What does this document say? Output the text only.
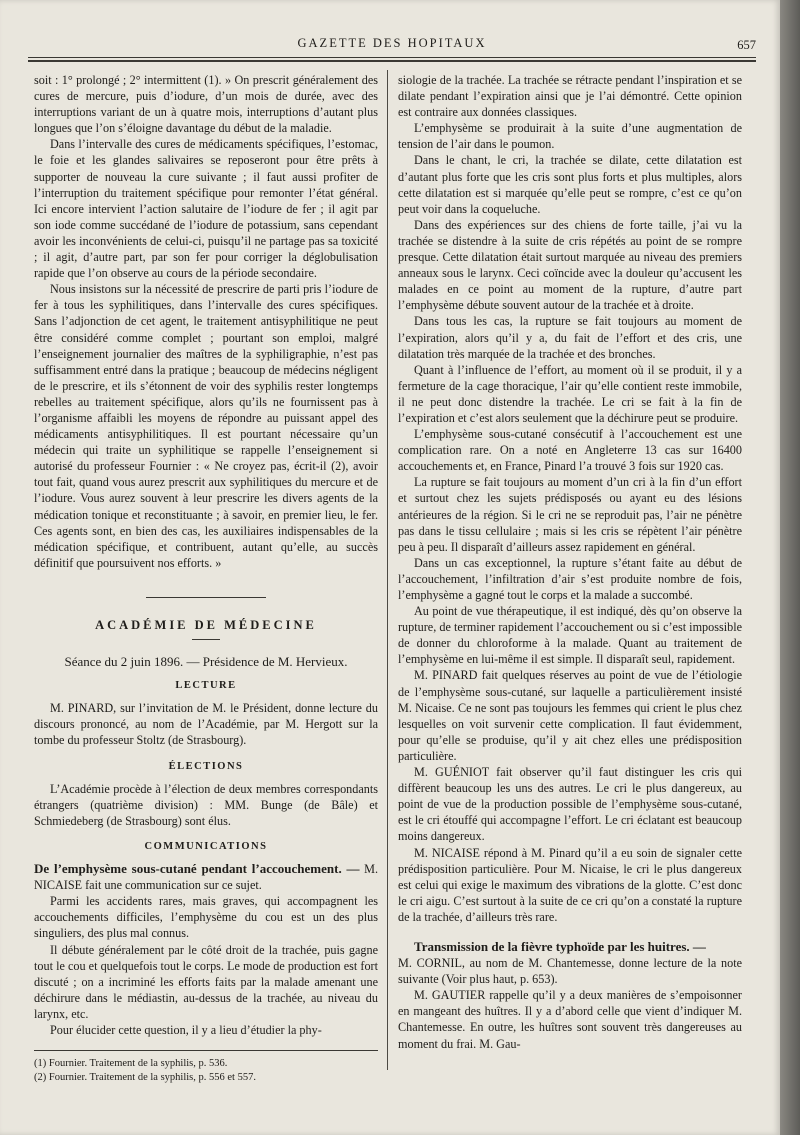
GAZETTE DES HOPITAUX	657

soit : 1° prolongé ; 2° intermittent (1). » On prescrit généralement des cures de mercure, puis d’iodure, d’un mois de durée, avec des interruptions variant de un à quatre mois, interruptions d’autant plus longues que l’on s’éloigne davantage du début de la maladie.

Dans l’intervalle des cures de médicaments spécifiques, l’estomac, le foie et les glandes salivaires se reposeront pour être prêts à supporter de nouveau la cure suivante ; il faut aussi profiter de l’interruption du traitement spécifique pour remonter l’état général. Ici encore intervient l’action salutaire de l’iodure de fer ; il agit par son iode comme succédané de l’iodure de potassium, sans cependant avoir les inconvénients de celui-ci, puisqu’il ne partage pas sa toxicité ; il agit, d’autre part, par son fer pour corriger la déglobulisation rapide que l’on observe au cours de la période secondaire.

Nous insistons sur la nécessité de prescrire de parti pris l’iodure de fer à tous les syphilitiques, dans l’intervalle des cures spécifiques. Sans l’adjonction de cet agent, le traitement antisyphilitique ne peut être considéré comme complet ; pourtant son emploi, malgré l’enseignement journalier des maîtres de la syphiligraphie, n’est pas suffisamment entré dans la pratique ; beaucoup de médecins négligent de le prescrire, et ils s’étonnent de voir des syphilis rester longtemps rebelles au traitement spécifique, alors qu’ils ne fournissent pas à l’organisme affaibli les moyens de répondre au puissant appel des médicaments antisyphilitiques. Il est pourtant nécessaire qu’un médecin qui traite un syphilitique se rappelle l’enseignement si autorisé du professeur Fournier : « Ne croyez pas, écrit-il (2), avoir tout fait, quand vous aurez prescrit aux syphilitiques du mercure et de l’iodure. Vous aurez souvent à leur prescrire les divers agents de la médication tonique et reconstituante ; à savoir, en premier lieu, le fer. Ces agents sont, en bien des cas, les auxiliaires indispensables de la médication spécifique, et contribuent, autant qu’elle, au succès définitif que poursuivent nos efforts. »

ACADÉMIE DE MÉDECINE
Séance du 2 juin 1896. — Présidence de M. Hervieux.
LECTURE

M. PINARD, sur l’invitation de M. le Président, donne lecture du discours prononcé, au nom de l’Académie, par M. Hergott sur la tombe du professeur Stoltz (de Strasbourg).

ÉLECTIONS

L’Académie procède à l’élection de deux membres correspondants étrangers (quatrième division) : MM. Bunge (de Bâle) et Schmiedeberg (de Strasbourg) sont élus.

COMMUNICATIONS

De l’emphysème sous-cutané pendant l’accouchement. — M. NICAISE fait une communication sur ce sujet.

Parmi les accidents rares, mais graves, qui accompagnent les accouchements difficiles, l’emphysème du cou est un des plus singuliers, des plus mal connus.

Il débute généralement par le côté droit de la trachée, puis gagne tout le cou et quelquefois tout le corps. Le mode de production est fort discuté ; on a incriminé les efforts faits par la malade amenant une déchirure dans le médiastin, au-dessus de la trachée, au niveau du larynx, etc.

Pour élucider cette question, il y a lieu d’étudier la phy-

(1) Fournier. Traitement de la syphilis, p. 536.

(2) Fournier. Traitement de la syphilis, p. 556 et 557.

siologie de la trachée. La trachée se rétracte pendant l’inspiration et se dilate pendant l’expiration ainsi que je l’ai démontré. Cette opinion est contraire aux données classiques.

L’emphysème se produirait à la suite d’une augmentation de tension de l’air dans le poumon.

Dans le chant, le cri, la trachée se dilate, cette dilatation est d’autant plus forte que les cris sont plus forts et plus multiples, alors cette dilatation est si marquée qu’elle peut se rompre, c’est ce qu’on peut voir dans la coqueluche.

Dans des expériences sur des chiens de forte taille, j’ai vu la trachée se distendre à la suite de cris répétés au point de se rompre presque. Cette dilatation était surtout marquée au niveau des premiers anneaux sous le larynx. Ceci coïncide avec la douleur qu’accusent les malades en ce point au moment de la rupture, d’autre part l’emphysème débute souvent autour de la trachée et à droite.

Dans tous les cas, la rupture se fait toujours au moment de l’expiration, alors qu’il y a, du fait de l’effort et des cris, une dilatation très marquée de la trachée et des bronches.

Quant à l’influence de l’effort, au moment où il se produit, il y a fermeture de la cage thoracique, l’air qu’elle contient reste immobile, il ne peut donc distendre la trachée. Le cri se fait à la fin de l’expiration et c’est alors seulement que la déchirure peut se produire.

L’emphysème sous-cutané consécutif à l’accouchement est une complication rare. On a noté en Angleterre 13 cas sur 16400 accouchements et, en France, Pinard l’a trouvé 3 fois sur 1920 cas.

La rupture se fait toujours au moment d’un cri à la fin d’un effort et surtout chez les sujets prédisposés ou ayant eu des lésions antérieures de la région. Si le cri ne se reproduit pas, l’air ne pénètre pas dans le tissu cellulaire ; mais si les cris se répètent l’air pénètre peu à peu. Il disparaît d’ailleurs assez rapidement en général.

Dans un cas exceptionnel, la rupture s’étant faite au début de l’accouchement, l’infiltration d’air s’est produite nombre de fois, l’emphysème a gagné tout le corps et la malade a succombé.

Au point de vue thérapeutique, il est indiqué, dès qu’on observe la rupture, de terminer rapidement l’accouchement ou si c’est impossible de donner du chloroforme à la malade. Quant au traitement de l’emphysème en lui-même il est simple. Il disparaît seul, rapidement.

M. PINARD fait quelques réserves au point de vue de l’étiologie de l’emphysème sous-cutané, sur laquelle a particulièrement insisté M. Nicaise. Ce ne sont pas toujours les femmes qui crient le plus chez lesquelles on voit survenir cette complication. Il faut évidemment, pour qu’elle se produise, qu’il y ait chez elles une prédisposition particulière.

M. GUÉNIOT fait observer qu’il faut distinguer les cris qui diffèrent beaucoup les uns des autres. Le cri le plus dangereux, au point de vue de la production possible de l’emphysème sous-cutané, est le cri étouffé qui accompagne l’effort. Le cri éclatant est beaucoup moins dangereux.

M. NICAISE répond à M. Pinard qu’il a eu soin de signaler cette prédisposition particulière. Pour M. Nicaise, le cri le plus dangereux est celui qui exige le maximum des vibrations de la glotte. C’est donc le cri aigu. C’est surtout à la suite de ce cri qu’on a constaté la rupture de la trachée, d’ailleurs très rare.

Transmission de la fièvre typhoïde par les huitres. —

M. CORNIL, au nom de M. Chantemesse, donne lecture de la note suivante (Voir plus haut, p. 653).

M. GAUTIER rappelle qu’il y a deux manières de s’empoisonner en mangeant des huîtres. Il y a d’abord celle que vient d’indiquer M. Chantemesse. En outre, les huîtres sont souvent très dangereuses au moment du frai. M. Gau-
